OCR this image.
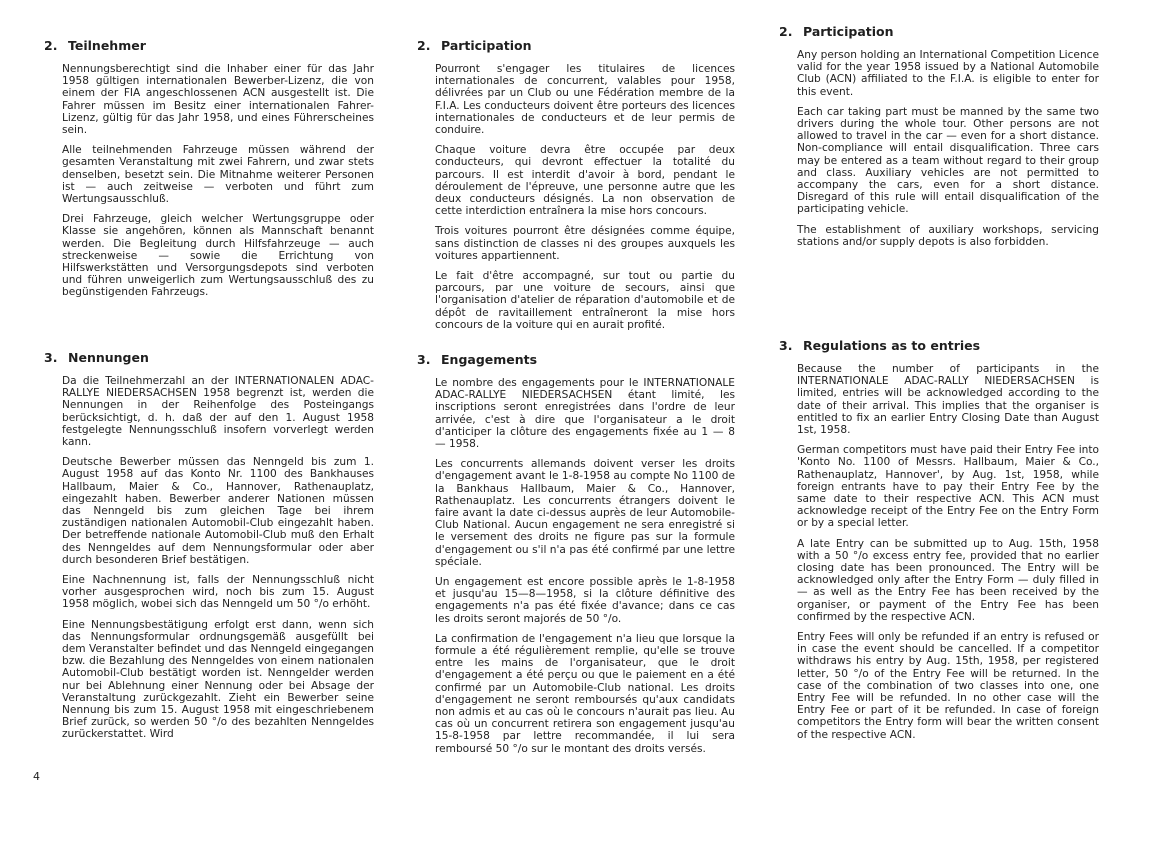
2. Teilnehmer

Nennungsberechtigt sind die Inhaber einer für das Jahr 1958 gültigen internationalen Bewerber-Lizenz, die von einem der FIA angeschlossenen ACN ausgestellt ist. Die Fahrer müssen im Besitz einer internationalen Fahrer-Lizenz, gültig für das Jahr 1958, und eines Führerscheines sein.

Alle teilnehmenden Fahrzeuge müssen während der gesamten Veranstaltung mit zwei Fahrern, und zwar stets denselben, besetzt sein. Die Mitnahme weiterer Personen ist — auch zeitweise — verboten und führt zum Wertungsausschluß.

Drei Fahrzeuge, gleich welcher Wertungsgruppe oder Klasse sie angehören, können als Mannschaft benannt werden. Die Begleitung durch Hilfsfahrzeuge — auch streckenweise — sowie die Errichtung von Hilfswerkstätten und Versorgungsdepots sind verboten und führen unweigerlich zum Wertungsausschluß des zu begünstigenden Fahrzeugs.

3. Nennungen

Da die Teilnehmerzahl an der INTERNATIONALEN ADAC-RALLYE NIEDERSACHSEN 1958 begrenzt ist, werden die Nennungen in der Reihenfolge des Posteingangs berücksichtigt, d. h. daß der auf den 1. August 1958 festgelegte Nennungsschluß insofern vorverlegt werden kann.

Deutsche Bewerber müssen das Nenngeld bis zum 1. August 1958 auf das Konto Nr. 1100 des Bankhauses Hallbaum, Maier & Co., Hannover, Rathenauplatz, eingezahlt haben. Bewerber anderer Nationen müssen das Nenngeld bis zum gleichen Tage bei ihrem zuständigen nationalen Automobil-Club eingezahlt haben. Der betreffende nationale Automobil-Club muß den Erhalt des Nenngeldes auf dem Nennungsformular oder aber durch besonderen Brief bestätigen.

Eine Nachnennung ist, falls der Nennungsschluß nicht vorher ausgesprochen wird, noch bis zum 15. August 1958 möglich, wobei sich das Nenngeld um 50 °/o erhöht.

Eine Nennungsbestätigung erfolgt erst dann, wenn sich das Nennungsformular ordnungsgemäß ausgefüllt bei dem Veranstalter befindet und das Nenngeld eingegangen bzw. die Bezahlung des Nenngeldes von einem nationalen Automobil-Club bestätigt worden ist. Nenngelder werden nur bei Ablehnung einer Nennung oder bei Absage der Veranstaltung zurückgezahlt. Zieht ein Bewerber seine Nennung bis zum 15. August 1958 mit eingeschriebenem Brief zurück, so werden 50 °/o des bezahlten Nenngeldes zurückerstattet. Wird

2. Participation

Pourront s'engager les titulaires de licences internationales de concurrent, valables pour 1958, délivrées par un Club ou une Fédération membre de la F.I.A. Les conducteurs doivent être porteurs des licences internationales de conducteurs et de leur permis de conduire.

Chaque voiture devra être occupée par deux conducteurs, qui devront effectuer la totalité du parcours. Il est interdit d'avoir à bord, pendant le déroulement de l'épreuve, une personne autre que les deux conducteurs désignés. La non observation de cette interdiction entraînera la mise hors concours.

Trois voitures pourront être désignées comme équipe, sans distinction de classes ni des groupes auxquels les voitures appartiennent.

Le fait d'être accompagné, sur tout ou partie du parcours, par une voiture de secours, ainsi que l'organisation d'atelier de réparation d'automobile et de dépôt de ravitaillement entraîneront la mise hors concours de la voiture qui en aurait profité.

3. Engagements

Le nombre des engagements pour le INTERNATIONALE ADAC-RALLYE NIEDERSACHSEN étant limité, les inscriptions seront enregistrées dans l'ordre de leur arrivée, c'est à dire que l'organisateur a le droit d'anticiper la clôture des engagements fixée au 1 — 8 — 1958.

Les concurrents allemands doivent verser les droits d'engagement avant le 1-8-1958 au compte No 1100 de la Bankhaus Hallbaum, Maier & Co., Hannover, Rathenauplatz. Les concurrents étrangers doivent le faire avant la date ci-dessus auprès de leur Automobile-Club National. Aucun engagement ne sera enregistré si le versement des droits ne figure pas sur la formule d'engagement ou s'il n'a pas été confirmé par une lettre spéciale.

Un engagement est encore possible après le 1-8-1958 et jusqu'au 15—8—1958, si la clôture définitive des engagements n'a pas été fixée d'avance; dans ce cas les droits seront majorés de 50 °/o.

La confirmation de l'engagement n'a lieu que lorsque la formule a été régulièrement remplie, qu'elle se trouve entre les mains de l'organisateur, que le droit d'engagement a été perçu ou que le paiement en a été confirmé par un Automobile-Club national. Les droits d'engagement ne seront remboursés qu'aux candidats non admis et au cas où le concours n'aurait pas lieu. Au cas où un concurrent retirera son engagement jusqu'au 15-8-1958 par lettre recommandée, il lui sera remboursé 50 °/o sur le montant des droits versés.

2. Participation

Any person holding an International Competition Licence valid for the year 1958 issued by a National Automobile Club (ACN) affiliated to the F.I.A. is eligible to enter for this event.

Each car taking part must be manned by the same two drivers during the whole tour. Other persons are not allowed to travel in the car — even for a short distance. Non-compliance will entail disqualification. Three cars may be entered as a team without regard to their group and class. Auxiliary vehicles are not permitted to accompany the cars, even for a short distance. Disregard of this rule will entail disqualification of the participating vehicle.

The establishment of auxiliary workshops, servicing stations and/or supply depots is also forbidden.

3. Regulations as to entries

Because the number of participants in the INTERNATIONALE ADAC-RALLY NIEDERSACHSEN is limited, entries will be acknowledged according to the date of their arrival. This implies that the organiser is entitled to fix an earlier Entry Closing Date than August 1st, 1958.

German competitors must have paid their Entry Fee into 'Konto No. 1100 of Messrs. Hallbaum, Maier & Co., Rathenauplatz, Hannover', by Aug. 1st, 1958, while foreign entrants have to pay their Entry Fee by the same date to their respective ACN. This ACN must acknowledge receipt of the Entry Fee on the Entry Form or by a special letter.

A late Entry can be submitted up to Aug. 15th, 1958 with a 50 °/o excess entry fee, provided that no earlier closing date has been pronounced. The Entry will be acknowledged only after the Entry Form — duly filled in — as well as the Entry Fee has been received by the organiser, or payment of the Entry Fee has been confirmed by the respective ACN.

Entry Fees will only be refunded if an entry is refused or in case the event should be cancelled. If a competitor withdraws his entry by Aug. 15th, 1958, per registered letter, 50 °/o of the Entry Fee will be returned. In the case of the combination of two classes into one, one Entry Fee will be refunded. In no other case will the Entry Fee or part of it be refunded. In case of foreign competitors the Entry form will bear the written consent of the respective ACN.

4
